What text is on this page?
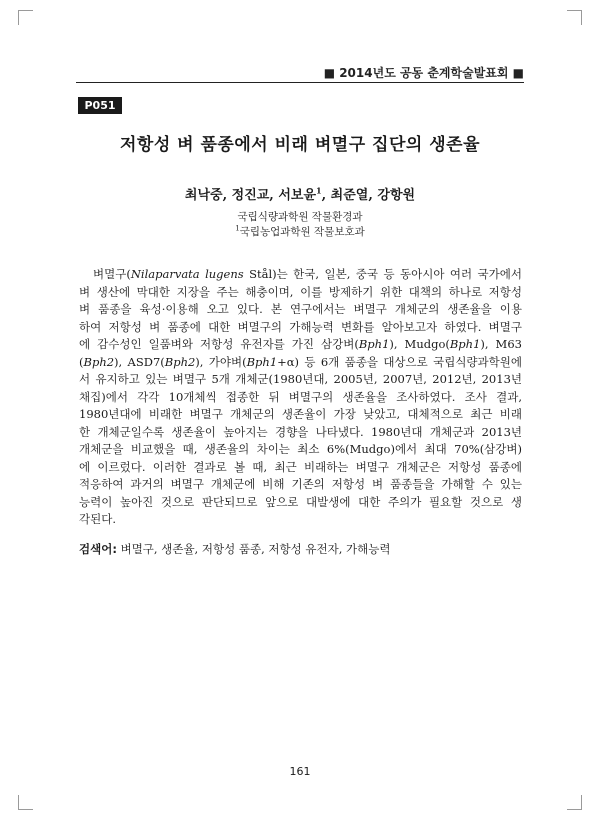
■ 2014년도 공동 춘계학술발표회 ■
P051
저항성 벼 품종에서 비래 벼멸구 집단의 생존율
최낙중, 정진교, 서보윤$^1$, 최준열, 강항원
국립식량과학원 작물환경과
$^1$국립농업과학원 작물보호과
벼멸구(Nilaparvata lugens Stål)는 한국, 일본, 중국 등 동아시아 여러 국가에서
벼 생산에 막대한 지장을 주는 해충이며, 이를 방제하기 위한 대책의 하나로 저항성
벼 품종을 육성·이용해 오고 있다. 본 연구에서는 벼멸구 개체군의 생존율을 이용
하여 저항성 벼 품종에 대한 벼멸구의 가해능력 변화를 알아보고자 하였다. 벼멸구
에 감수성인 일품벼와 저항성 유전자를 가진 삼강벼(Bph1), Mudgo(Bph1), M63
(Bph2), ASD7(Bph2), 가야벼(Bph1+α) 등 6개 품종을 대상으로 국립식량과학원에
서 유지하고 있는 벼멸구 5개 개체군(1980년대, 2005년, 2007년, 2012년, 2013년
채집)에서 각각 10개체씩 접종한 뒤 벼멸구의 생존율을 조사하였다. 조사 결과,
1980년대에 비래한 벼멸구 개체군의 생존율이 가장 낮았고, 대체적으로 최근 비래
한 개체군일수록 생존율이 높아지는 경향을 나타냈다. 1980년대 개체군과 2013년
개체군을 비교했을 때, 생존율의 차이는 최소 6%(Mudgo)에서 최대 70%(삼강벼)
에 이르렀다. 이러한 결과로 볼 때, 최근 비래하는 벼멸구 개체군은 저항성 품종에
적응하여 과거의 벼멸구 개체군에 비해 기존의 저항성 벼 품종들을 가해할 수 있는
능력이 높아진 것으로 판단되므로 앞으로 대발생에 대한 주의가 필요할 것으로 생
각된다.
검색어: 벼멸구, 생존율, 저항성 품종, 저항성 유전자, 가해능력
161
